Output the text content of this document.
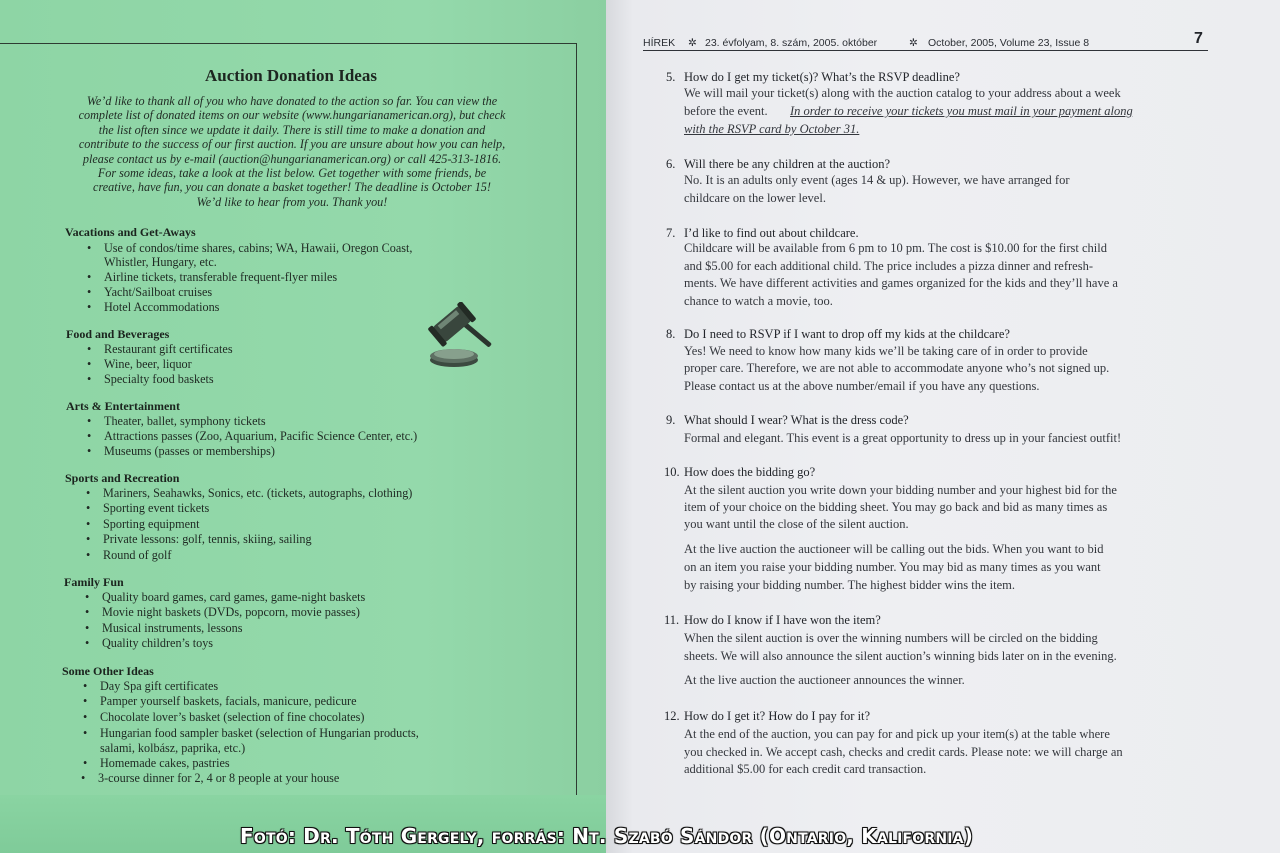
Auction Donation Ideas
We’d like to thank all of you who have donated to the action so far. You can view the
complete list of donated items on our website (www.hungarianamerican.org), but check
the list often since we update it daily. There is still time to make a donation and
contribute to the success of our first auction. If you are unsure about how you can help,
please contact us by e-mail (auction@hungarianamerican.org) or call 425-313-1816.
For some ideas, take a look at the list below. Get together with some friends, be
creative, have fun, you can donate a basket together! The deadline is October 15!
We’d like to hear from you. Thank you!
Vacations and Get-Aways
• Use of condos/time shares, cabins; WA, Hawaii, Oregon Coast,
Whistler, Hungary, etc.
• Airline tickets, transferable frequent-flyer miles
• Yacht/Sailboat cruises
• Hotel Accommodations
Food and Beverages
• Restaurant gift certificates
• Wine, beer, liquor
• Specialty food baskets
Arts & Entertainment
• Theater, ballet, symphony tickets
• Attractions passes (Zoo, Aquarium, Pacific Science Center, etc.)
• Museums (passes or memberships)
Sports and Recreation
• Mariners, Seahawks, Sonics, etc. (tickets, autographs, clothing)
• Sporting event tickets
• Sporting equipment
• Private lessons: golf, tennis, skiing, sailing
• Round of golf
Family Fun
• Quality board games, card games, game-night baskets
• Movie night baskets (DVDs, popcorn, movie passes)
• Musical instruments, lessons
• Quality children’s toys
Some Other Ideas
• Day Spa gift certificates
• Pamper yourself baskets, facials, manicure, pedicure
• Chocolate lover’s basket (selection of fine chocolates)
• Hungarian food sampler basket (selection of Hungarian products,
salami, kolbász, paprika, etc.)
• Homemade cakes, pastries
• 3-course dinner for 2, 4 or 8 people at your house
HÍREK ✲ 23. évfolyam, 8. szám, 2005. október	✲ October, 2005, Volume 23, Issue 8	7
5. How do I get my ticket(s)? What’s the RSVP deadline?
We will mail your ticket(s) along with the auction catalog to your address about a week
before the event. In order to receive your tickets you must mail in your payment along
with the RSVP card by October 31.
6. Will there be any children at the auction?
No. It is an adults only event (ages 14 & up). However, we have arranged for
childcare on the lower level.
7. I’d like to find out about childcare.
Childcare will be available from 6 pm to 10 pm. The cost is $10.00 for the first child
and $5.00 for each additional child. The price includes a pizza dinner and refresh-
ments. We have different activities and games organized for the kids and they’ll have a
chance to watch a movie, too.
8. Do I need to RSVP if I want to drop off my kids at the childcare?
Yes! We need to know how many kids we’ll be taking care of in order to provide
proper care. Therefore, we are not able to accommodate anyone who’s not signed up.
Please contact us at the above number/email if you have any questions.
9. What should I wear? What is the dress code?
Formal and elegant. This event is a great opportunity to dress up in your fanciest outfit!
10. How does the bidding go?
At the silent auction you write down your bidding number and your highest bid for the
item of your choice on the bidding sheet. You may go back and bid as many times as
you want until the close of the silent auction.
At the live auction the auctioneer will be calling out the bids. When you want to bid
on an item you raise your bidding number. You may bid as many times as you want
by raising your bidding number. The highest bidder wins the item.
11. How do I know if I have won the item?
When the silent auction is over the winning numbers will be circled on the bidding
sheets. We will also announce the silent auction’s winning bids later on in the evening.
At the live auction the auctioneer announces the winner.
12. How do I get it? How do I pay for it?
At the end of the auction, you can pay for and pick up your item(s) at the table where
you checked in. We accept cash, checks and credit cards. Please note: we will charge an
additional $5.00 for each credit card transaction.
Fotó: Dr. Tóth Gergely, forrás: Nt. Szabó Sándor (Ontario, Kalifornia)
